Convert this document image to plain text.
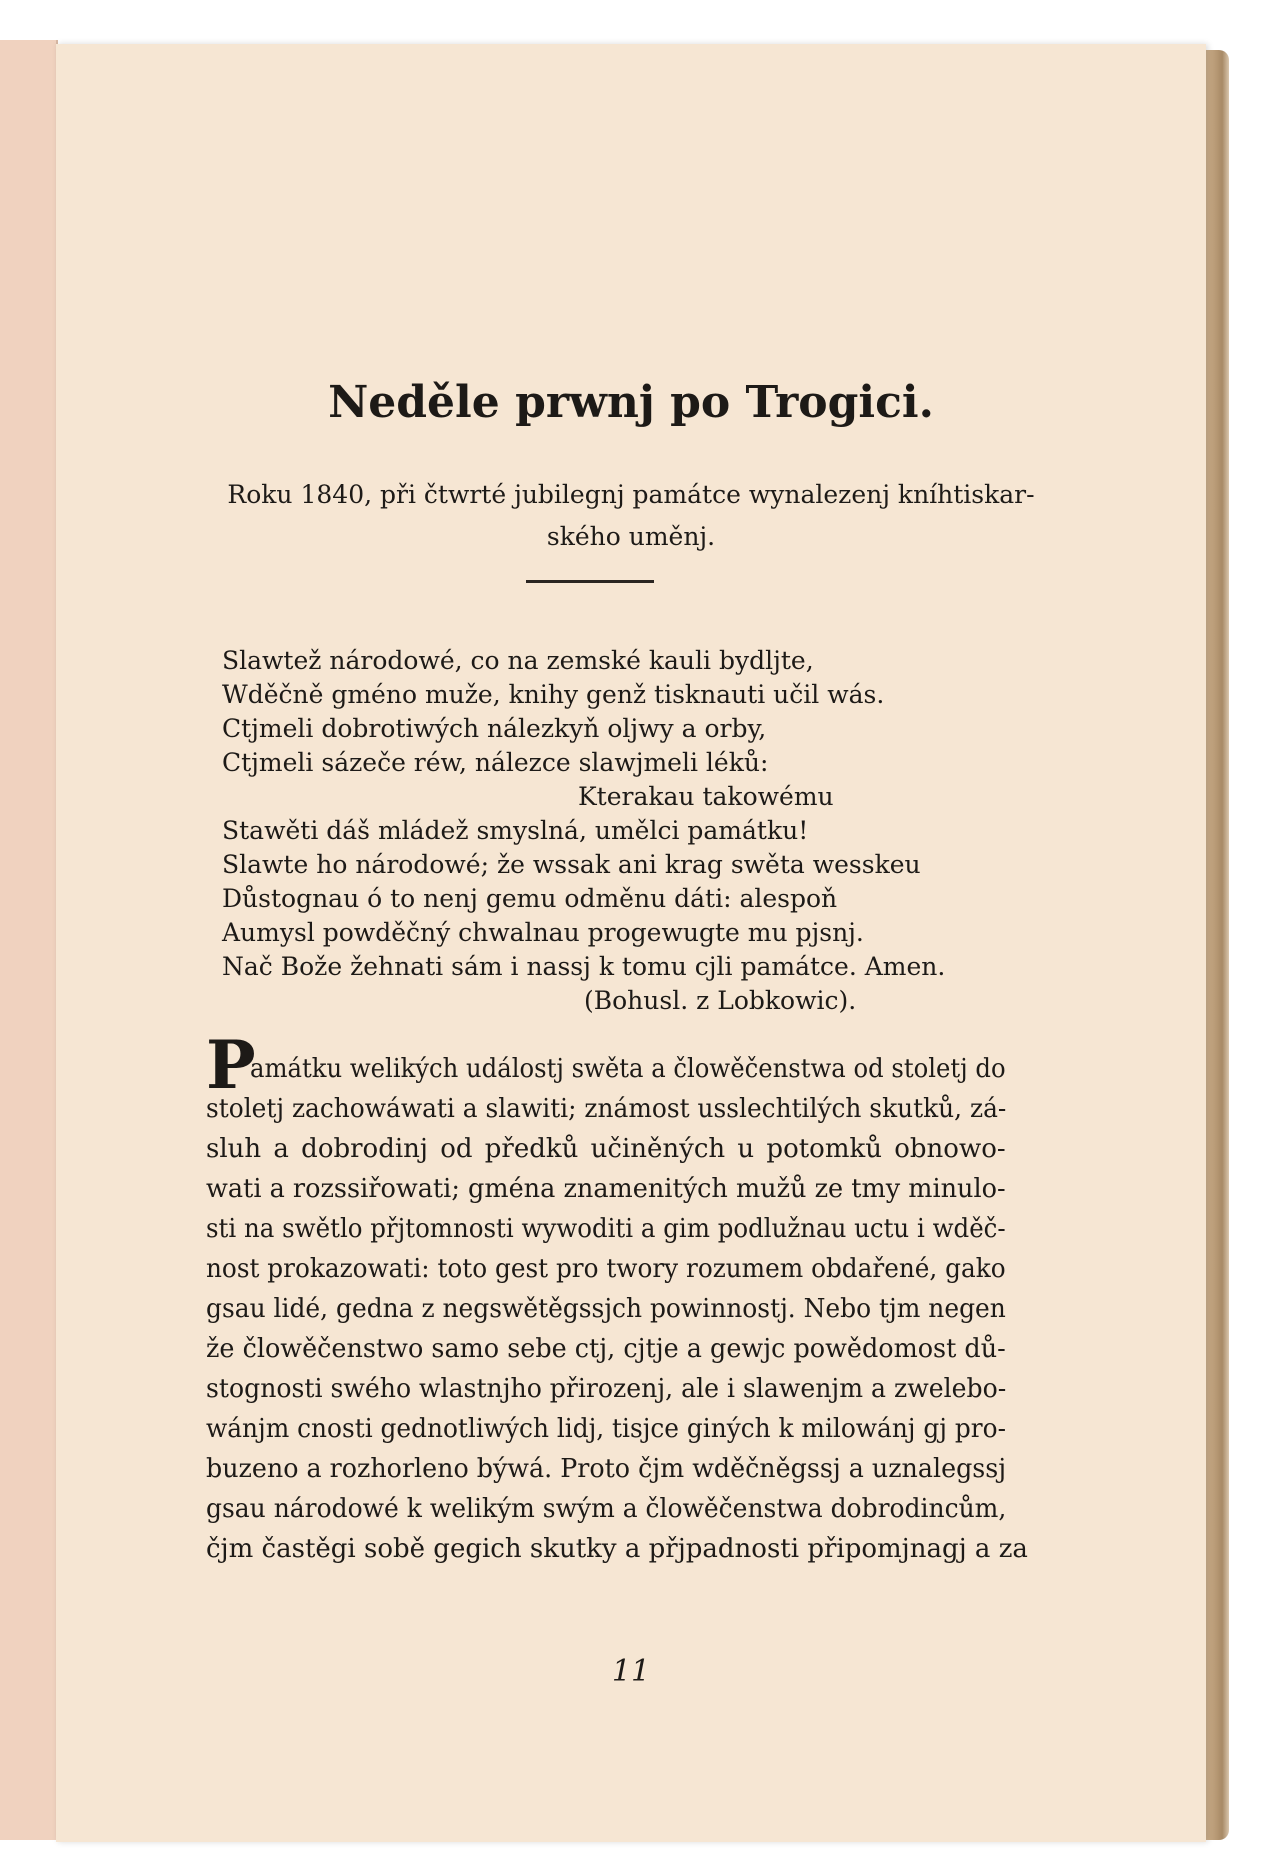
Neděle prwnj po Trogici.
Roku 1840, při čtwrté jubilegnj památce wynalezenj kníhtiskar- ského uměnj.
Slawtež národowé, co na zemské kauli bydljte,
Wděčně gméno muže, knihy genž tisknauti učil wás.
Ctjmeli dobrotiwých nálezkyň oljwy a orby,
Ctjmeli sázeče réw, nálezce slawjmeli léků:
Kterakau takowému
Stawěti dáš mládež smyslná, umělci památku!
Slawte ho národowé; že wssak ani krag swěta wesskeu
Důstognau ó to nenj gemu odměnu dáti: alespoň
Aumysl powděčný chwalnau progewugte mu pjsnj.
Nač Bože žehnati sám i nassj k tomu cjli památce. Amen.
(Bohusl. z Lobkowic).
P
amátku welikých událostj swěta a člowěčenstwa od stoletj do
stoletj zachowáwati a slawiti; známost usslechtilých skutků, zá-
sluh a dobrodinj od předků učiněných u potomků obnowo-
wati a rozssiřowati; gména znamenitých mužů ze tmy minulo-
sti na swětlo přjtomnosti wywoditi a gim podlužnau uctu i wděč-
nost prokazowati: toto gest pro twory rozumem obdařené, gako
gsau lidé, gedna z negswětěgssjch powinnostj. Nebo tjm negen
že člowěčenstwo samo sebe ctj, cjtje a gewjc powědomost dů-
stognosti swého wlastnjho přirozenj, ale i slawenjm a zwelebo-
wánjm cnosti gednotliwých lidj, tisjce giných k milowánj gj pro-
buzeno a rozhorleno býwá. Proto čjm wděčněgssj a uznalegssj
gsau národowé k welikým swým a člowěčenstwa dobrodincům,
čjm častěgi sobě gegich skutky a přjpadnosti připomjnagj a za
11
